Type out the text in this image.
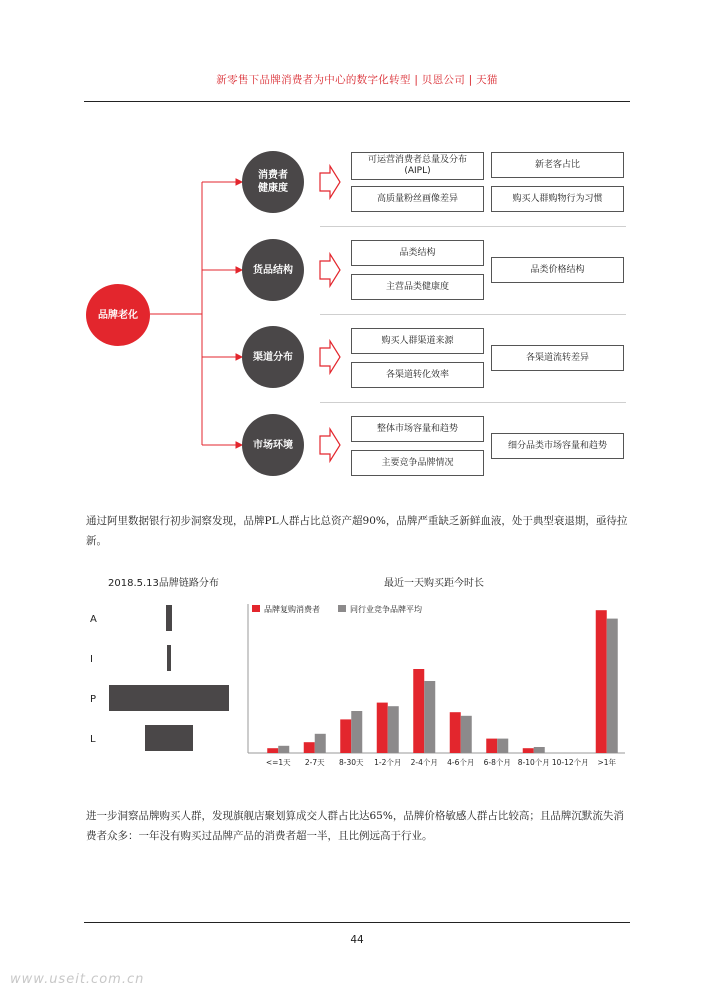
新零售下品牌消费者为中心的数字化转型 | 贝恩公司 | 天猫
品牌老化
消费者
健康度
货品结构
渠道分布
市场环境
可运营消费者总量及分布
(AIPL)
高质量粉丝画像差异
新老客占比
购买人群购物行为习惯
品类结构
主营品类健康度
品类价格结构
购买人群渠道来源
各渠道转化效率
各渠道流转差异
整体市场容量和趋势
主要竞争品牌情况
细分品类市场容量和趋势
通过阿里数据银行初步洞察发现，品牌PL人群占比总资产超90%，品牌严重缺乏新鲜血液，处于典型衰退期，亟待拉新。
2018.5.13品牌链路分布	最近一天购买距今时长
A
I
P
L
品牌复购消费者	同行业竞争品牌平均
<=1天 2-7天 8-30天 1-2个月 2-4个月 4-6个月 6-8个月 8-10个月 10-12个月 >1年
进一步洞察品牌购买人群，发现旗舰店聚划算成交人群占比达65%，品牌价格敏感人群占比较高；且品牌沉默流失消费者众多：一年没有购买过品牌产品的消费者超一半，且比例远高于行业。
44
www.useit.com.cn
